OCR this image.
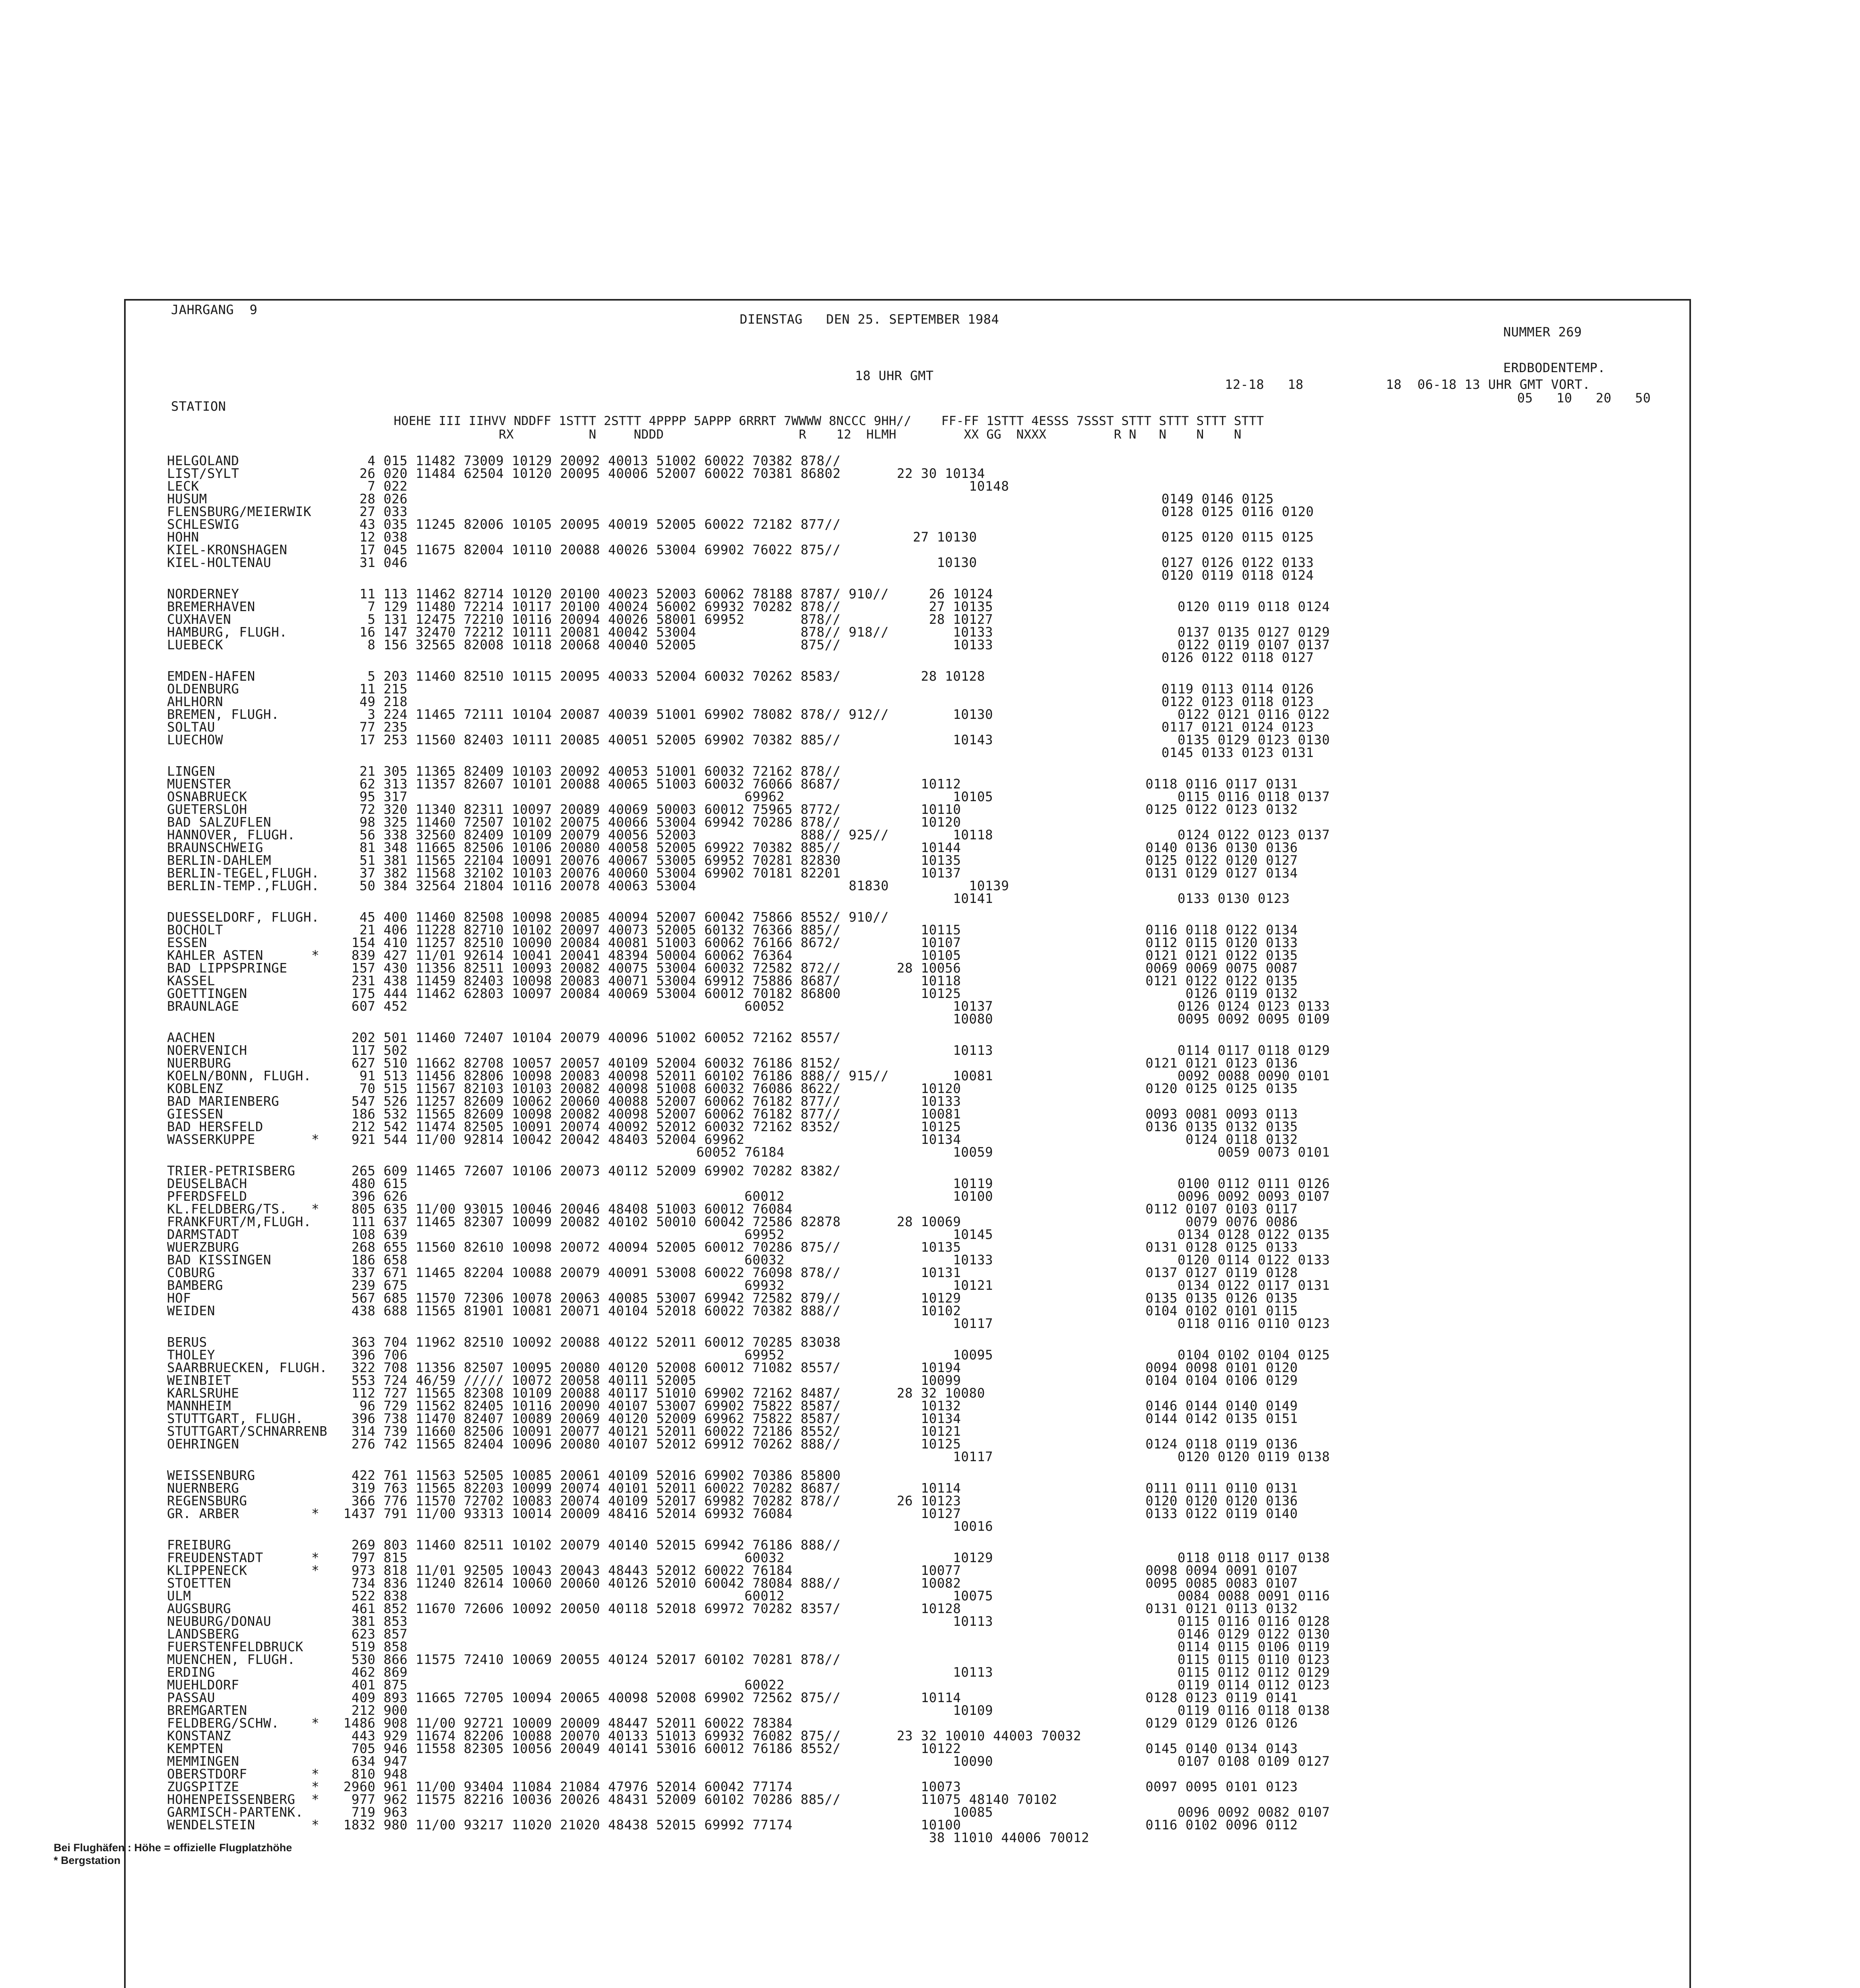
JAHRGANG  9
DIENSTAG   DEN 25. SEPTEMBER 1984
NUMMER 269
ERDBODENTEMP.
18 UHR GMT
12-18   18	18  06-18 13 UHR GMT VORT.
05   10   20   50
STATION
HOEHE III IIHVV NDDFF 1STTT 2STTT 4PPPP 5APPP 6RRRT 7WWWW 8NCCC 9HH//    FF-FF 1STTT 4ESSS 7SSST STTT STTT STTT STTT
RX          N     NDDD                  R    12  HLMH         XX GG  NXXX         R N   N    N    N
HELGOLAND                4 015 11482 73009 10129 20092 40013 51002 60022 70382 878//
LIST/SYLT               26 020 11484 62504 10120 20095 40006 52007 60022 70381 86802       22 30 10134
LECK                     7 022                                                                      10148
HUSUM                   28 026                                                                                              0149 0146 0125
FLENSBURG/MEIERWIK      27 033                                                                                              0128 0125 0116 0120
SCHLESWIG               43 035 11245 82006 10105 20095 40019 52005 60022 72182 877//
HOHN                    12 038                                                               27 10130                       0125 0120 0115 0125
KIEL-KRONSHAGEN         17 045 11675 82004 10110 20088 40026 53004 69902 76022 875//
KIEL-HOLTENAU           31 046                                                                  10130                       0127 0126 0122 0133
0120 0119 0118 0124
NORDERNEY               11 113 11462 82714 10120 20100 40023 52003 60062 78188 8787/ 910//     26 10124
BREMERHAVEN              7 129 11480 72214 10117 20100 40024 56002 69932 70282 878//           27 10135                       0120 0119 0118 0124
CUXHAVEN                 5 131 12475 72210 10116 20094 40026 58001 69952       878//           28 10127
HAMBURG, FLUGH.         16 147 32470 72212 10111 20081 40042 53004             878// 918//        10133                       0137 0135 0127 0129
LUEBECK                  8 156 32565 82008 10118 20068 40040 52005             875//              10133                       0122 0119 0107 0137
0126 0122 0118 0127
EMDEN-HAFEN              5 203 11460 82510 10115 20095 40033 52004 60032 70262 8583/          28 10128
OLDENBURG               11 215                                                                                              0119 0113 0114 0126
AHLHORN                 49 218                                                                                              0122 0123 0118 0123
BREMEN, FLUGH.           3 224 11465 72111 10104 20087 40039 51001 69902 78082 878// 912//        10130                       0122 0121 0116 0122
SOLTAU                  77 235                                                                                              0117 0121 0124 0123
LUECHOW                 17 253 11560 82403 10111 20085 40051 52005 69902 70382 885//              10143                       0135 0129 0123 0130
0145 0133 0123 0131
LINGEN                  21 305 11365 82409 10103 20092 40053 51001 60032 72162 878//
MUENSTER                62 313 11357 82607 10101 20088 40065 51003 60032 76066 8687/          10112                       0118 0116 0117 0131
OSNABRUECK              95 317                                          69962                     10105                       0115 0116 0118 0137
GUETERSLOH              72 320 11340 82311 10097 20089 40069 50003 60012 75965 8772/          10110                       0125 0122 0123 0132
BAD SALZUFLEN           98 325 11460 72507 10102 20075 40066 53004 69942 70286 878//          10120
HANNOVER, FLUGH.        56 338 32560 82409 10109 20079 40056 52003             888// 925//        10118                       0124 0122 0123 0137
BRAUNSCHWEIG            81 348 11665 82506 10106 20080 40058 52005 69922 70382 885//          10144                       0140 0136 0130 0136
BERLIN-DAHLEM           51 381 11565 22104 10091 20076 40067 53005 69952 70281 82830          10135                       0125 0122 0120 0127
BERLIN-TEGEL,FLUGH.     37 382 11568 32102 10103 20076 40060 53004 69902 70181 82201          10137                       0131 0129 0127 0134
BERLIN-TEMP.,FLUGH.     50 384 32564 21804 10116 20078 40063 53004                   81830          10139
10141                       0133 0130 0123
DUESSELDORF, FLUGH.     45 400 11460 82508 10098 20085 40094 52007 60042 75866 8552/ 910//
BOCHOLT                 21 406 11228 82710 10102 20097 40073 52005 60132 76366 885//          10115                       0116 0118 0122 0134
ESSEN                  154 410 11257 82510 10090 20084 40081 51003 60062 76166 8672/          10107                       0112 0115 0120 0133
KAHLER ASTEN      *    839 427 11/01 92614 10041 20041 48394 50004 60062 76364                10105                       0121 0121 0122 0135
BAD LIPPSPRINGE        157 430 11356 82511 10093 20082 40075 53004 60032 72582 872//       28 10056                       0069 0069 0075 0087
KASSEL                 231 438 11459 82403 10098 20083 40071 53004 69912 75886 8687/          10118                       0121 0122 0122 0135
GOETTINGEN             175 444 11462 62803 10097 20084 40069 53004 60012 70182 86800          10125                            0126 0119 0132
BRAUNLAGE              607 452                                          60052                     10137                       0126 0124 0123 0133
10080                       0095 0092 0095 0109
AACHEN                 202 501 11460 72407 10104 20079 40096 51002 60052 72162 8557/
NOERVENICH             117 502                                                                    10113                       0114 0117 0118 0129
NUERBURG               627 510 11662 82708 10057 20057 40109 52004 60032 76186 8152/                                      0121 0121 0123 0136
KOELN/BONN, FLUGH.      91 513 11456 82806 10098 20083 40098 52011 60102 76186 888// 915//        10081                       0092 0088 0090 0101
KOBLENZ                 70 515 11567 82103 10103 20082 40098 51008 60032 76086 8622/          10120                       0120 0125 0125 0135
BAD MARIENBERG         547 526 11257 82609 10062 20060 40088 52007 60062 76182 877//          10133
GIESSEN                186 532 11565 82609 10098 20082 40098 52007 60062 76182 877//          10081                       0093 0081 0093 0113
BAD HERSFELD           212 542 11474 82505 10091 20074 40092 52012 60032 72162 8352/          10125                       0136 0135 0132 0135
WASSERKUPPE       *    921 544 11/00 92814 10042 20042 48403 52004 69962                      10134                            0124 0118 0132
60052 76184                     10059                            0059 0073 0101
TRIER-PETRISBERG       265 609 11465 72607 10106 20073 40112 52009 69902 70282 8382/
DEUSELBACH             480 615                                                                    10119                       0100 0112 0111 0126
PFERDSFELD             396 626                                          60012                     10100                       0096 0092 0093 0107
KL.FELDBERG/TS.   *    805 635 11/00 93015 10046 20046 48408 51003 60012 76084                                            0112 0107 0103 0117
FRANKFURT/M,FLUGH.     111 637 11465 82307 10099 20082 40102 50010 60042 72586 82878       28 10069                            0079 0076 0086
DARMSTADT              108 639                                          69952                     10145                       0134 0128 0122 0135
WUERZBURG              268 655 11560 82610 10098 20072 40094 52005 60012 70286 875//          10135                       0131 0128 0125 0133
BAD KISSINGEN          186 658                                          60032                     10133                       0120 0114 0122 0133
COBURG                 337 671 11465 82204 10088 20079 40091 53008 60022 76098 878//          10131                       0137 0127 0119 0128
BAMBERG                239 675                                          69932                     10121                       0134 0122 0117 0131
HOF                    567 685 11570 72306 10078 20063 40085 53007 69942 72582 879//          10129                       0135 0135 0126 0135
WEIDEN                 438 688 11565 81901 10081 20071 40104 52018 60022 70382 888//          10102                       0104 0102 0101 0115
10117                       0118 0116 0110 0123
BERUS                  363 704 11962 82510 10092 20088 40122 52011 60012 70285 83038
THOLEY                 396 706                                          69952                     10095                       0104 0102 0104 0125
SAARBRUECKEN, FLUGH.   322 708 11356 82507 10095 20080 40120 52008 60012 71082 8557/          10194                       0094 0098 0101 0120
WEINBIET               553 724 46/59 ///// 10072 20058 40111 52005                            10099                       0104 0104 0106 0129
KARLSRUHE              112 727 11565 82308 10109 20088 40117 51010 69902 72162 8487/       28 32 10080
MANNHEIM                96 729 11562 82405 10116 20090 40107 53007 69902 75822 8587/          10132                       0146 0144 0140 0149
STUTTGART, FLUGH.      396 738 11470 82407 10089 20069 40120 52009 69962 75822 8587/          10134                       0144 0142 0135 0151
STUTTGART/SCHNARRENB   314 739 11660 82506 10091 20077 40121 52011 60022 72186 8552/          10121
OEHRINGEN              276 742 11565 82404 10096 20080 40107 52012 69912 70262 888//          10125                       0124 0118 0119 0136
10117                       0120 0120 0119 0138
WEISSENBURG            422 761 11563 52505 10085 20061 40109 52016 69902 70386 85800
NUERNBERG              319 763 11565 82203 10099 20074 40101 52011 60022 70282 8687/          10114                       0111 0111 0110 0131
REGENSBURG             366 776 11570 72702 10083 20074 40109 52017 69982 70282 878//       26 10123                       0120 0120 0120 0136
GR. ARBER         *   1437 791 11/00 93313 10014 20009 48416 52014 69932 76084                10127                       0133 0122 0119 0140
10016
FREIBURG               269 803 11460 82511 10102 20079 40140 52015 69942 76186 888//
FREUDENSTADT      *    797 815                                          60032                     10129                       0118 0118 0117 0138
KLIPPENECK        *    973 818 11/01 92505 10043 20043 48443 52012 60022 76184                10077                       0098 0094 0091 0107
STOETTEN               734 836 11240 82614 10060 20060 40126 52010 60042 78084 888//          10082                       0095 0085 0083 0107
ULM                    522 838                                          60012                     10075                       0084 0088 0091 0116
AUGSBURG               461 852 11670 72606 10092 20050 40118 52018 69972 70282 8357/          10128                       0131 0121 0113 0132
NEUBURG/DONAU          381 853                                                                    10113                       0115 0116 0116 0128
LANDSBERG              623 857                                                                                                0146 0129 0122 0130
FUERSTENFELDBRUCK      519 858                                                                                                0114 0115 0106 0119
MUENCHEN, FLUGH.       530 866 11575 72410 10069 20055 40124 52017 60102 70281 878//                                          0115 0115 0110 0123
ERDING                 462 869                                                                    10113                       0115 0112 0112 0129
MUEHLDORF              401 875                                          60022                                                 0119 0114 0112 0123
PASSAU                 409 893 11665 72705 10094 20065 40098 52008 69902 72562 875//          10114                       0128 0123 0119 0141
BREMGARTEN             212 900                                                                    10109                       0119 0116 0118 0138
FELDBERG/SCHW.    *   1486 908 11/00 92721 10009 20009 48447 52011 60022 78384                                            0129 0129 0126 0126
KONSTANZ               443 929 11674 82206 10088 20070 40133 51013 69932 76082 875//       23 32 10010 44003 70032
KEMPTEN                705 946 11558 82305 10056 20049 40141 53016 60012 76186 8552/          10122                       0145 0140 0134 0143
MEMMINGEN              634 947                                                                    10090                       0107 0108 0109 0127
OBERSTDORF        *    810 948
ZUGSPITZE         *   2960 961 11/00 93404 11084 21084 47976 52014 60042 77174                10073                       0097 0095 0101 0123
HOHENPEISSENBERG  *    977 962 11575 82216 10036 20026 48431 52009 60102 70286 885//          11075 48140 70102
GARMISCH-PARTENK.      719 963                                                                    10085                       0096 0092 0082 0107
WENDELSTEIN       *   1832 980 11/00 93217 11020 21020 48438 52015 69992 77174                10100                       0116 0102 0096 0112
38 11010 44006 70012
Bei Flughäfen : Höhe = offizielle Flugplatzhöhe
* Bergstation
